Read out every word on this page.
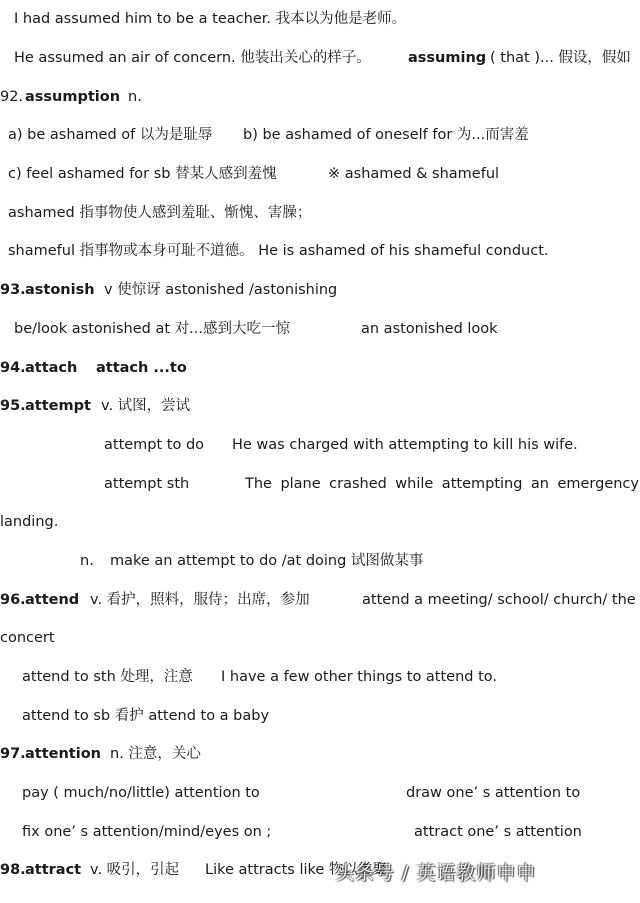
I had assumed him to be a teacher. 我本以为他是老师。
He assumed an air of concern. 他装出关心的样子。	assuming ( that )... 假设，假如
92. assumption n.
a) be ashamed of 以为是耻辱 b) be ashamed of oneself for 为...而害羞
c) feel ashamed for sb 替某人感到羞愧	※ ashamed & shameful
ashamed 指事物使人感到羞耻、惭愧、害臊；
shameful 指事物或本身可耻不道德。 He is ashamed of his shameful conduct.
93. astonish v 使惊讶 astonished /astonishing
be/look astonished at 对...感到大吃一惊	an astonished look
94. attach attach ...to
95. attempt v. 试图，尝试
attempt to do He was charged with attempting to kill his wife.
attempt sth	The plane crashed while attempting an emergency
landing.
n. make an attempt to do /at doing 试图做某事
96. attend v. 看护，照料，服侍；出席，参加	attend a meeting/ school/ church/ the
concert
attend to sth 处理，注意 I have a few other things to attend to.
attend to sb 看护 attend to a baby
97. attention n. 注意，关心
pay ( much/no/little) attention to	draw one’ s attention to
fix one’ s attention/mind/eyes on ;	attract one’ s attention
98. attract v. 吸引，引起 Like attracts like 物以类聚
头条号 / 英语教师申申
